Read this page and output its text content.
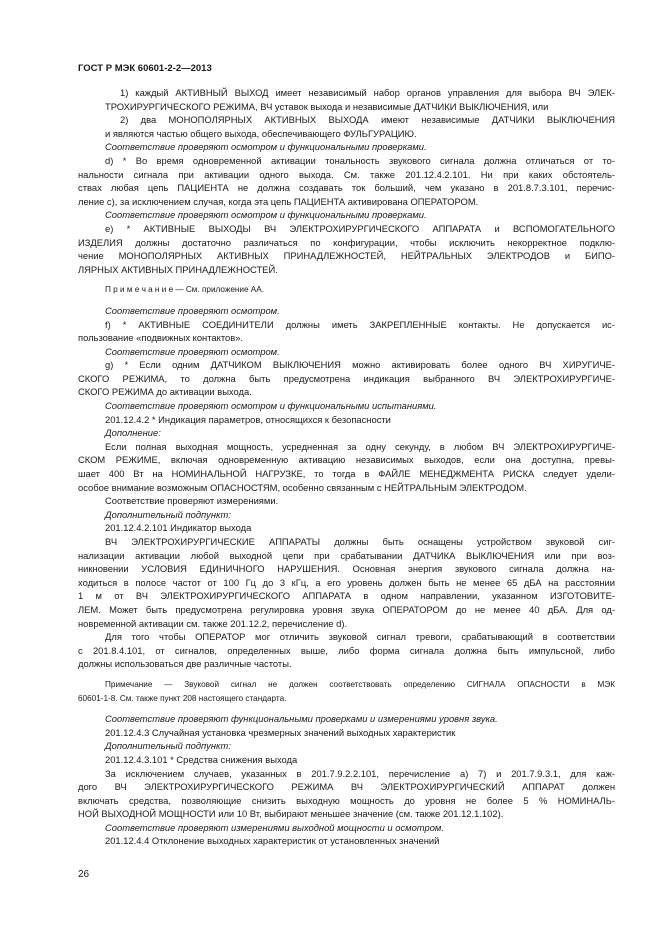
ГОСТ Р МЭК 60601-2-2—2013
1) каждый АКТИВНЫЙ ВЫХОД имеет независимый набор органов управления для выбора ВЧ ЭЛЕК-
ТРОХИРУРГИЧЕСКОГО РЕЖИМА, ВЧ уставок выхода и независимые ДАТЧИКИ ВЫКЛЮЧЕНИЯ, или
2) два МОНОПОЛЯРНЫХ АКТИВНЫХ ВЫХОДА имеют независимые ДАТЧИКИ ВЫКЛЮЧЕНИЯ
и являются частью общего выхода, обеспечивающего ФУЛЬГУРАЦИЮ.
Соответствие проверяют осмотром и функциональными проверками.
d) * Во время одновременной активации тональность звукового сигнала должна отличаться от то-
нальности сигнала при активации одного выхода. См. также 201.12.4.2.101. Ни при каких обстоятель-
ствах любая цепь ПАЦИЕНТА не должна создавать ток больший, чем указано в 201.8.7.3.101, перечис-
ление с), за исключением случая, когда эта цепь ПАЦИЕНТА активирована ОПЕРАТОРОМ.
Соответствие проверяют осмотром и функциональными проверками.
е) * АКТИВНЫЕ ВЫХОДЫ ВЧ ЭЛЕКТРОХИРУРГИЧЕСКОГО АППАРАТА и ВСПОМОГАТЕЛЬНОГО
ИЗДЕЛИЯ должны достаточно различаться по конфигурации, чтобы исключить некорректное подклю-
чение МОНОПОЛЯРНЫХ АКТИВНЫХ ПРИНАДЛЕЖНОСТЕЙ, НЕЙТРАЛЬНЫХ ЭЛЕКТРОДОВ и БИПО-
ЛЯРНЫХ АКТИВНЫХ ПРИНАДЛЕЖНОСТЕЙ.
П р и м е ч а н и е — См. приложение АА.
Соответствие проверяют осмотром.
f) * АКТИВНЫЕ СОЕДИНИТЕЛИ должны иметь ЗАКРЕПЛЕННЫЕ контакты. Не допускается ис-
пользование «подвижных контактов».
Соответствие проверяют осмотром.
g) * Если одним ДАТЧИКОМ ВЫКЛЮЧЕНИЯ можно активировать более одного ВЧ ХИРУГИЧЕ-
СКОГО РЕЖИМА, то должна быть предусмотрена индикация выбранного ВЧ ЭЛЕКТРОХИРУРГИЧЕ-
СКОГО РЕЖИМА до активации выхода.
Соответствие проверяют осмотром и функциональными испытаниями.
201.12.4.2 * Индикация параметров, относящихся к безопасности
Дополнение:
Если полная выходная мощность, усредненная за одну секунду, в любом ВЧ ЭЛЕКТРОХИРУРГИЧЕ-
СКОМ РЕЖИМЕ, включая одновременную активацию независимых выходов, если она доступна, превы-
шает 400 Вт на НОМИНАЛЬНОЙ НАГРУЗКЕ, то тогда в ФАЙЛЕ МЕНЕДЖМЕНТА РИСКА следует удели-
особое внимание возможным ОПАСНОСТЯМ, особенно связанным с НЕЙТРАЛЬНЫМ ЭЛЕКТРОДОМ.
Соответствие проверяют измерениями.
Дополнительный подпункт:
201.12.4.2.101 Индикатор выхода
ВЧ ЭЛЕКТРОХИРУРГИЧЕСКИЕ АППАРАТЫ должны быть оснащены устройством звуковой сиг-
нализации активации любой выходной цепи при срабатывании ДАТЧИКА ВЫКЛЮЧЕНИЯ или при воз-
никновении УСЛОВИЯ ЕДИНИЧНОГО НАРУШЕНИЯ. Основная энергия звукового сигнала должна на-
ходиться в полосе частот от 100 Гц до 3 кГц, а его уровень должен быть не менее 65 дБА на расстоянии
1 м от ВЧ ЭЛЕКТРОХИРУРГИЧЕСКОГО АППАРАТА в одном направлении, указанном ИЗГОТОВИТЕ-
ЛЕМ. Может быть предусмотрена регулировка уровня звука ОПЕРАТОРОМ до не менее 40 дБА. Для од-
новременной активации см. также 201.12.2, перечисление d).
Для того чтобы ОПЕРАТОР мог отличить звуковой сигнал тревоги, срабатывающий в соответствии
с 201.8.4.101, от сигналов, определенных выше, либо форма сигнала должна быть импульсной, либо
должны использоваться две различные частоты.
Примечание — Звуковой сигнал не должен соответствовать определению СИГНАЛА ОПАСНОСТИ в МЭК
60601-1-8. См. также пункт 208 настоящего стандарта.
Соответствие проверяют функциональными проверками и измерениями уровня звука.
201.12.4.3 Случайная установка чрезмерных значений выходных характеристик
Дополнительный подпункт:
201.12.4.3.101 * Средства снижения выхода
За исключением случаев, указанных в 201.7.9.2.2.101, перечисление а) 7) и 201.7.9.3.1, для каж-
дого ВЧ ЭЛЕКТРОХИРУРГИЧЕСКОГО РЕЖИМА ВЧ ЭЛЕКТРОХИРУРГИЧЕСКИЙ АППАРАТ должен
включать средства, позволяющие снизить выходную мощность до уровня не более 5 % НОМИНАЛЬ-
НОЙ ВЫХОДНОЙ МОЩНОСТИ или 10 Вт, выбирают меньшее значение (см. также 201.12.1.102).
Соответствие проверяют измерениями выходной мощности и осмотром.
201.12.4.4 Отклонение выходных характеристик от установленных значений
26
